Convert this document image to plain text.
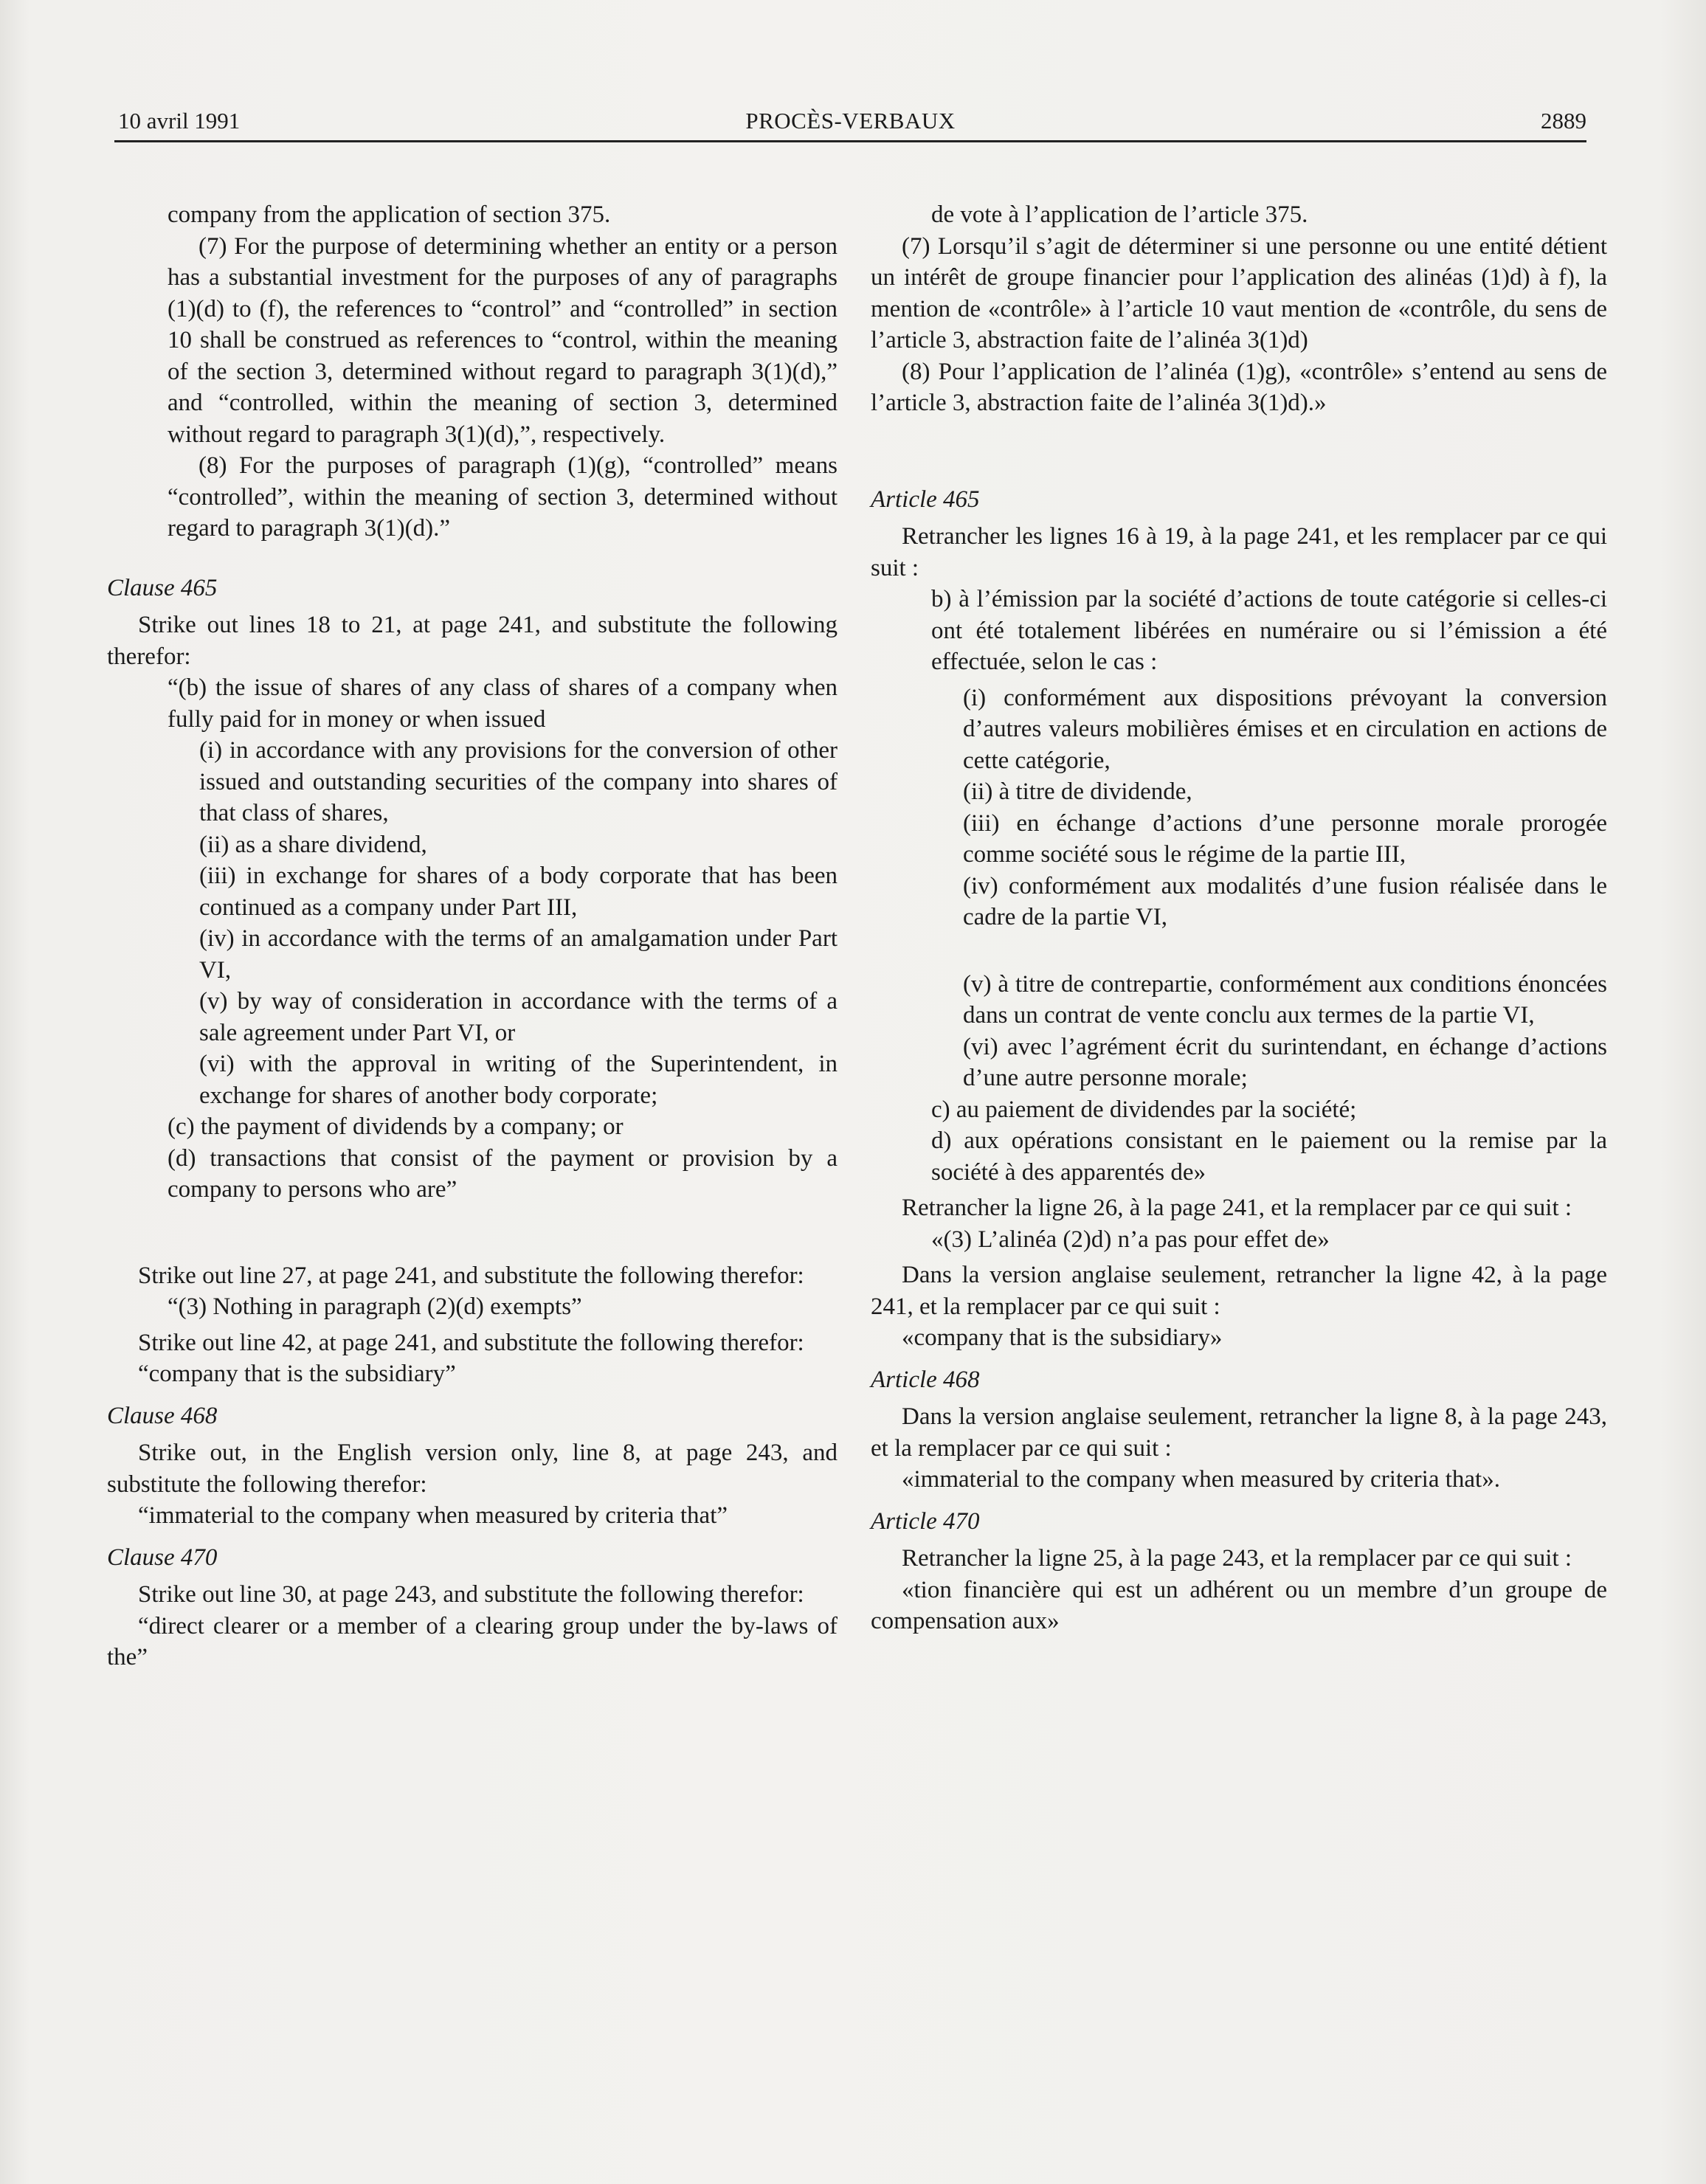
10 avril 1991	PROCÈS-VERBAUX	2889

company from the application of section 375.

(7) For the purpose of determining whether an entity or a person has a substantial investment for the purposes of any of paragraphs (1)(d) to (f), the references to “control” and “controlled” in section 10 shall be construed as references to “control, within the meaning of the section 3, determined without regard to paragraph 3(1)(d),” and “controlled, within the meaning of section 3, determined without regard to paragraph 3(1)(d),”, respectively.

(8) For the purposes of paragraph (1)(g), “controlled” means “controlled”, within the meaning of section 3, determined without regard to paragraph 3(1)(d).”

Clause 465

Strike out lines 18 to 21, at page 241, and substitute the following therefor:

“(b) the issue of shares of any class of shares of a company when fully paid for in money or when issued

(i) in accordance with any provisions for the conversion of other issued and outstanding securities of the company into shares of that class of shares,

(ii) as a share dividend,

(iii) in exchange for shares of a body corporate that has been continued as a company under Part III,

(iv) in accordance with the terms of an amalgamation under Part VI,

(v) by way of consideration in accordance with the terms of a sale agreement under Part VI, or

(vi) with the approval in writing of the Superintendent, in exchange for shares of another body corporate;

(c) the payment of dividends by a company; or

(d) transactions that consist of the payment or provision by a company to persons who are”

Strike out line 27, at page 241, and substitute the following therefor:

“(3) Nothing in paragraph (2)(d) exempts”

Strike out line 42, at page 241, and substitute the following therefor:

“company that is the subsidiary”

Clause 468

Strike out, in the English version only, line 8, at page 243, and substitute the following therefor:

“immaterial to the company when measured by criteria that”

Clause 470

Strike out line 30, at page 243, and substitute the following therefor:

“direct clearer or a member of a clearing group under the by-laws of the”

de vote à l’application de l’article 375.

(7) Lorsqu’il s’agit de déterminer si une personne ou une entité détient un intérêt de groupe financier pour l’application des alinéas (1)d) à f), la mention de «contrôle» à l’article 10 vaut mention de «contrôle, du sens de l’article 3, abstraction faite de l’alinéa 3(1)d)

(8) Pour l’application de l’alinéa (1)g), «contrôle» s’entend au sens de l’article 3, abstraction faite de l’alinéa 3(1)d).»

Article 465

Retrancher les lignes 16 à 19, à la page 241, et les remplacer par ce qui suit :

b) à l’émission par la société d’actions de toute catégorie si celles-ci ont été totalement libérées en numéraire ou si l’émission a été effectuée, selon le cas :

(i) conformément aux dispositions prévoyant la conversion d’autres valeurs mobilières émises et en circulation en actions de cette catégorie,

(ii) à titre de dividende,

(iii) en échange d’actions d’une personne morale prorogée comme société sous le régime de la partie III,

(iv) conformément aux modalités d’une fusion réalisée dans le cadre de la partie VI,

(v) à titre de contrepartie, conformément aux conditions énoncées dans un contrat de vente conclu aux termes de la partie VI,

(vi) avec l’agrément écrit du surintendant, en échange d’actions d’une autre personne morale;

c) au paiement de dividendes par la société;

d) aux opérations consistant en le paiement ou la remise par la société à des apparentés de»

Retrancher la ligne 26, à la page 241, et la remplacer par ce qui suit :

«(3) L’alinéa (2)d) n’a pas pour effet de»

Dans la version anglaise seulement, retrancher la ligne 42, à la page 241, et la remplacer par ce qui suit :

«company that is the subsidiary»

Article 468

Dans la version anglaise seulement, retrancher la ligne 8, à la page 243, et la remplacer par ce qui suit :

«immaterial to the company when measured by criteria that».

Article 470

Retrancher la ligne 25, à la page 243, et la remplacer par ce qui suit :

«tion financière qui est un adhérent ou un membre d’un groupe de compensation aux»
